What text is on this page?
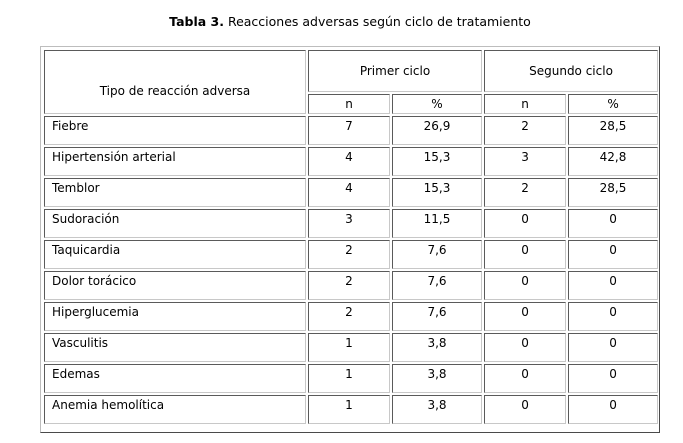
Tabla 3. Reacciones adversas según ciclo de tratamiento
Tipo de reacción adversa	Primer ciclo		Segundo ciclo	
	n	%	n	%
Fiebre	7	26,9	2	28,5
Hipertensión arterial	4	15,3	3	42,8
Temblor	4	15,3	2	28,5
Sudoración	3	11,5	0	0
Taquicardia	2	7,6	0	0
Dolor torácico	2	7,6	0	0
Hiperglucemia	2	7,6	0	0
Vasculitis	1	3,8	0	0
Edemas	1	3,8	0	0
Anemia hemolítica	1	3,8	0	0
